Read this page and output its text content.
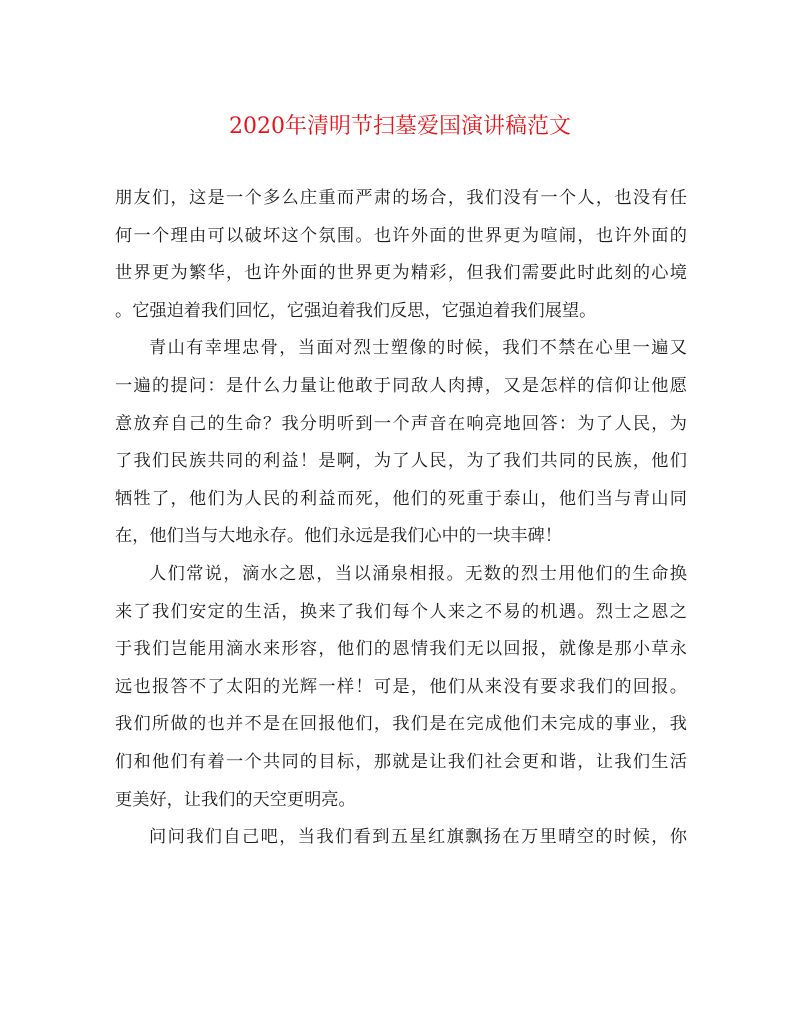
2020年清明节扫墓爱国演讲稿范文
朋友们，这是一个多么庄重而严肃的场合，我们没有一个人，也没有任
何一个理由可以破坏这个氛围。也许外面的世界更为喧闹，也许外面的
世界更为繁华，也许外面的世界更为精彩，但我们需要此时此刻的心境
。它强迫着我们回忆，它强迫着我们反思，它强迫着我们展望。
青山有幸埋忠骨，当面对烈士塑像的时候，我们不禁在心里一遍又
一遍的提问：是什么力量让他敢于同敌人肉搏，又是怎样的信仰让他愿
意放弃自己的生命？我分明听到一个声音在响亮地回答：为了人民，为
了我们民族共同的利益！是啊，为了人民，为了我们共同的民族，他们
牺牲了，他们为人民的利益而死，他们的死重于泰山，他们当与青山同
在，他们当与大地永存。他们永远是我们心中的一块丰碑！
人们常说，滴水之恩，当以涌泉相报。无数的烈士用他们的生命换
来了我们安定的生活，换来了我们每个人来之不易的机遇。烈士之恩之
于我们岂能用滴水来形容，他们的恩情我们无以回报，就像是那小草永
远也报答不了太阳的光辉一样！可是，他们从来没有要求我们的回报。
我们所做的也并不是在回报他们，我们是在完成他们未完成的事业，我
们和他们有着一个共同的目标，那就是让我们社会更和谐，让我们生活
更美好，让我们的天空更明亮。
问问我们自己吧，当我们看到五星红旗飘扬在万里晴空的时候，你
